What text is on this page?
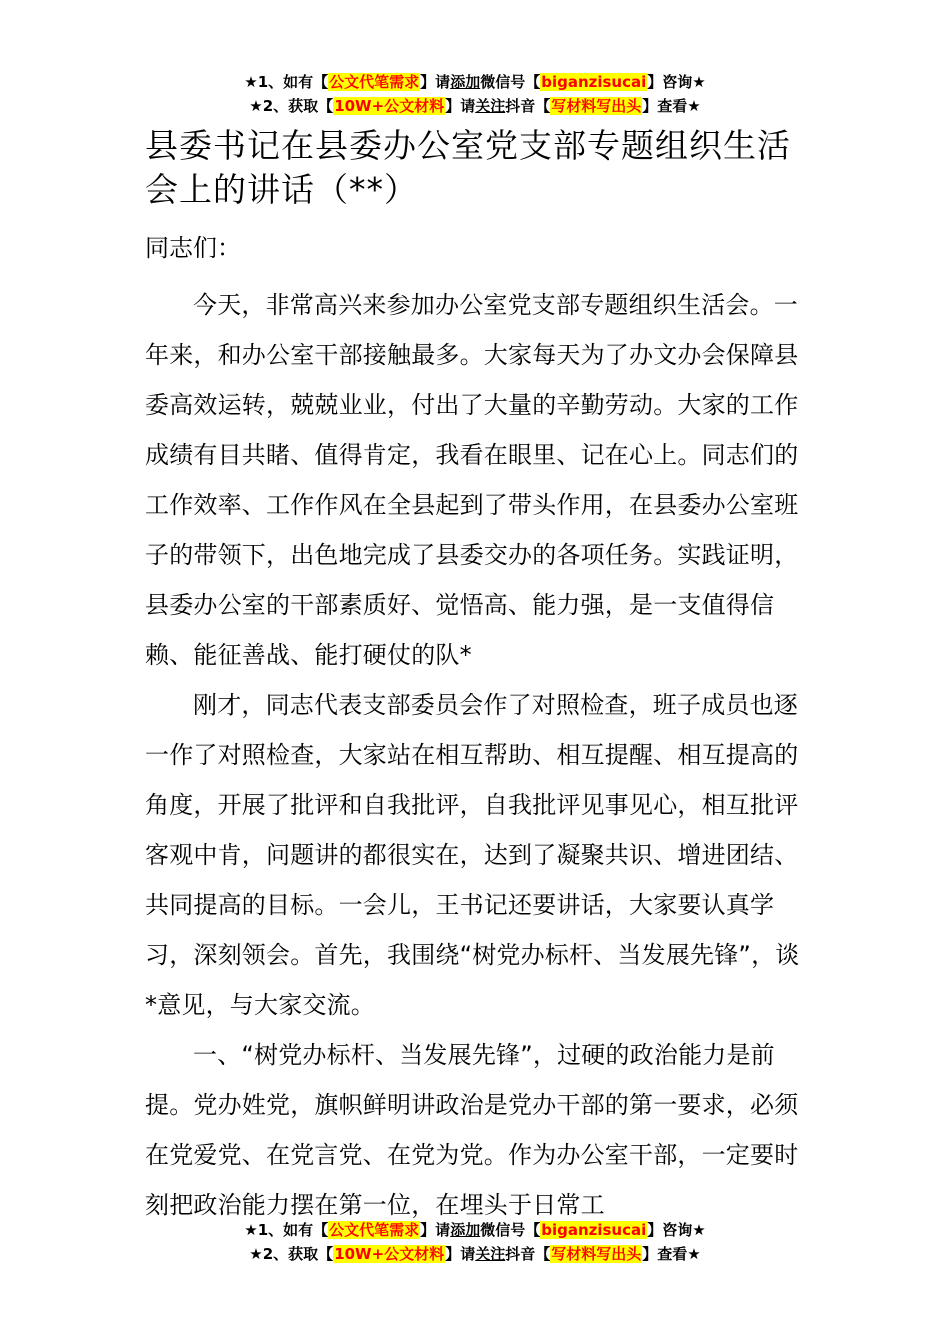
★1、如有【公文代笔需求】请添加微信号【biganzisucai】咨询★
★2、获取【10W+公文材料】请关注抖音【写材料写出头】查看★
县委书记在县委办公室党支部专题组织生活会上的讲话（**）

同志们：

今天，非常高兴来参加办公室党支部专题组织生活会。一年来，和办公室干部接触最多。大家每天为了办文办会保障县委高效运转，兢兢业业，付出了大量的辛勤劳动。大家的工作成绩有目共睹、值得肯定，我看在眼里、记在心上。同志们的工作效率、工作作风在全县起到了带头作用，在县委办公室班子的带领下，出色地完成了县委交办的各项任务。实践证明，县委办公室的干部素质好、觉悟高、能力强，是一支值得信赖、能征善战、能打硬仗的队*

刚才，同志代表支部委员会作了对照检查，班子成员也逐一作了对照检查，大家站在相互帮助、相互提醒、相互提高的角度，开展了批评和自我批评，自我批评见事见心，相互批评客观中肯，问题讲的都很实在，达到了凝聚共识、增进团结、共同提高的目标。一会儿，王书记还要讲话，大家要认真学习，深刻领会。首先，我围绕“树党办标杆、当发展先锋”，谈*意见，与大家交流。

一、“树党办标杆、当发展先锋”，过硬的政治能力是前提。党办姓党，旗帜鲜明讲政治是党办干部的第一要求，必须在党爱党、在党言党、在党为党。作为办公室干部，一定要时刻把政治能力摆在第一位，在埋头于日常工

★1、如有【公文代笔需求】请添加微信号【biganzisucai】咨询★
★2、获取【10W+公文材料】请关注抖音【写材料写出头】查看★
